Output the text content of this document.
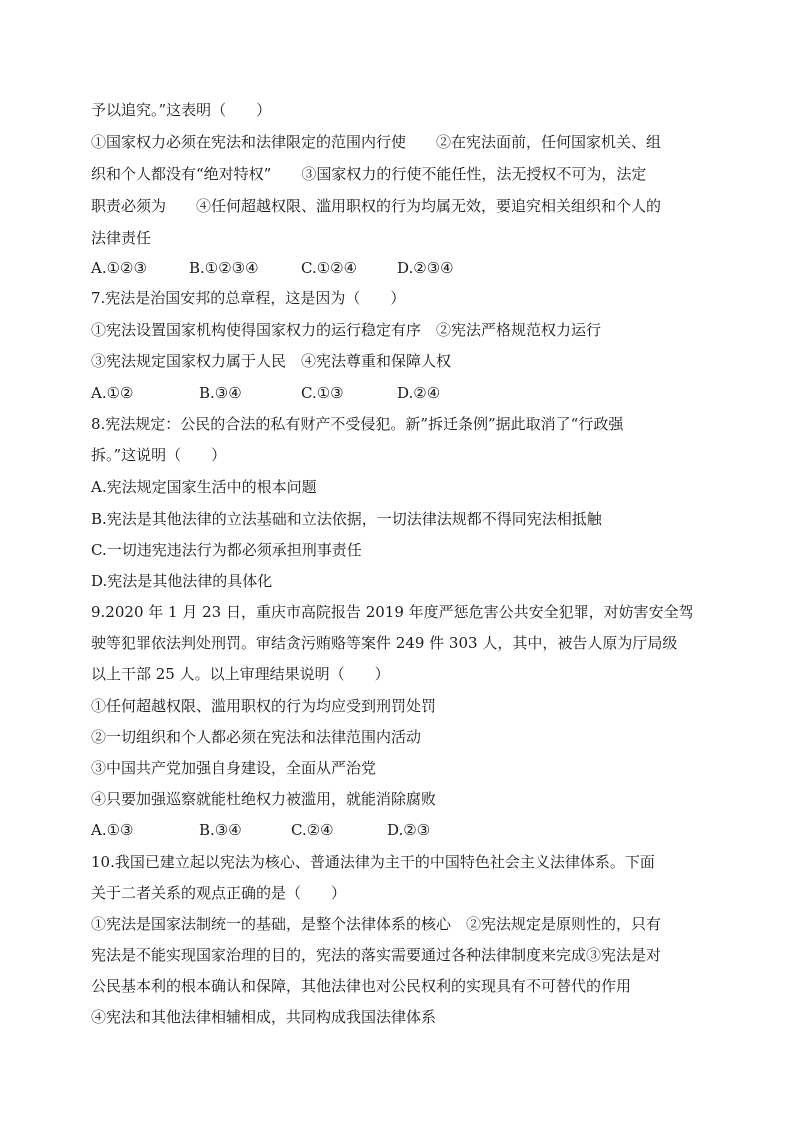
予以追究。”这表明（　　）
①国家权力必须在宪法和法律限定的范围内行使　　②在宪法面前，任何国家机关、组
织和个人都没有“绝对特权”　　③国家权力的行使不能任性，法无授权不可为，法定
职责必须为　　④任何超越权限、滥用职权的行为均属无效，要追究相关组织和个人的
法律责任
A.①②③	B.①②③④	C.①②④	D.②③④
7.宪法是治国安邦的总章程，这是因为（　　）
①宪法设置国家机构使得国家权力的运行稳定有序　②宪法严格规范权力运行
③宪法规定国家权力属于人民　④宪法尊重和保障人权
A.①②	B.③④	C.①③	D.②④
8.宪法规定：公民的合法的私有财产不受侵犯。新”拆迁条例”据此取消了“行政强
拆。”这说明（　　）
A.宪法规定国家生活中的根本问题
B.宪法是其他法律的立法基础和立法依据，一切法律法规都不得同宪法相抵触
C.一切违宪违法行为都必须承担刑事责任
D.宪法是其他法律的具体化
9.2020 年 1 月 23 日，重庆市高院报告 2019 年度严惩危害公共安全犯罪，对妨害安全驾
驶等犯罪依法判处刑罚。审结贪污贿赂等案件 249 件 303 人，其中，被告人原为厅局级
以上干部 25 人。以上审理结果说明（　　）
①任何超越权限、滥用职权的行为均应受到刑罚处罚
②一切组织和个人都必须在宪法和法律范围内活动
③中国共产党加强自身建设，全面从严治党
④只要加强巡察就能杜绝权力被滥用，就能消除腐败
A.①③	B.③④	C.②④	D.②③
10.我国已建立起以宪法为核心、普通法律为主干的中国特色社会主义法律体系。下面
关于二者关系的观点正确的是（　　）
①宪法是国家法制统一的基础，是整个法律体系的核心　②宪法规定是原则性的，只有
宪法是不能实现国家治理的目的，宪法的落实需要通过各种法律制度来完成③宪法是对
公民基本利的根本确认和保障，其他法律也对公民权利的实现具有不可替代的作用
④宪法和其他法律相辅相成，共同构成我国法律体系
